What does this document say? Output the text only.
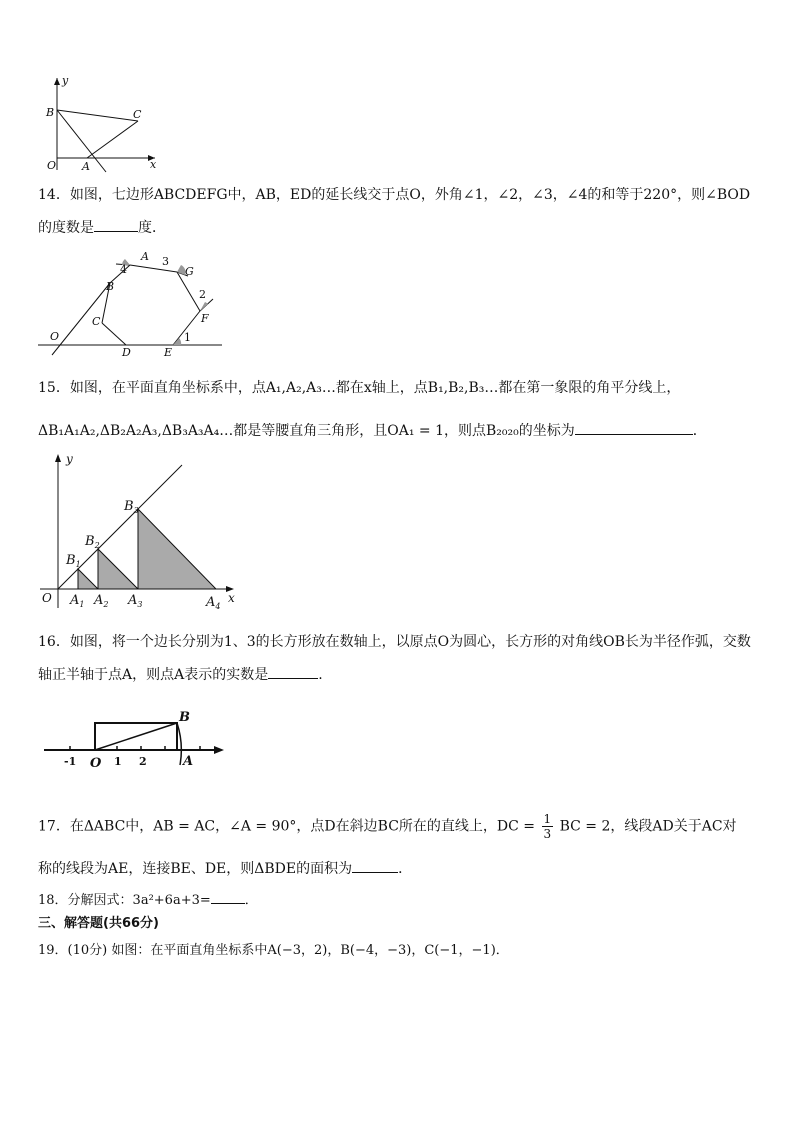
y
x
B	C
O A
14．如图，七边形ABCDEFG中，AB，ED的延长线交于点O，外角∠1，∠2，∠3，∠4的和等于220°，则∠BOD
的度数是	度．
A
4
3
G
2
F
1
B
C
D	E
O
15．如图，在平面直角坐标系中，点A₁,A₂,A₃…都在x轴上，点B₁,B₂,B₃…都在第一象限的角平分线上，
ΔB₁A₁A₂,ΔB₂A₂A₃,ΔB₃A₃A₄…都是等腰直角三角形，且OA₁ = 1，则点B₂₀₂₀的坐标为	．
y
x
O $A_1$ $A_2$ $A_3$	$A_4$
$B_1$
$B_2$
$B_3$
16．如图，将一个边长分别为1、3的长方形放在数轴上，以原点O为圆心，长方形的对角线OB长为半径作弧，交数
轴正半轴于点A，则点A表示的实数是	.
B
-1 O 1 2	A
17．在ΔABC中，AB = AC，∠A = 90°，点D在斜边BC所在的直线上，DC = $\frac{1}{3}$ BC = 2，线段AD关于AC对
称的线段为AE，连接BE、DE，则ΔBDE的面积为	．
18．分解因式：3a²+6a+3=	．
三、解答题(共66分)
19．(10分) 如图：在平面直角坐标系中A(−3，2)，B(−4，−3)，C(−1，−1)．
